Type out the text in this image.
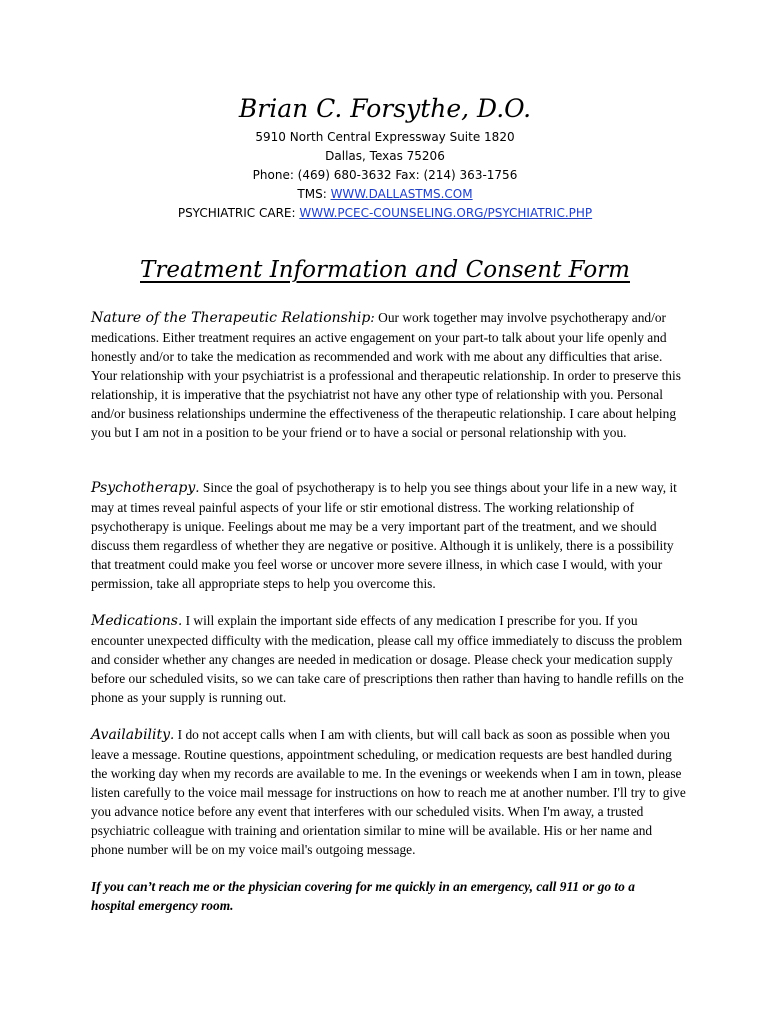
Brian C. Forsythe, D.O.
5910 North Central Expressway Suite 1820
Dallas, Texas 75206
Phone: (469) 680-3632 Fax: (214) 363-1756
TMS: WWW.DALLASTMS.COM
PSYCHIATRIC CARE: WWW.PCEC-COUNSELING.ORG/PSYCHIATRIC.PHP
Treatment Information and Consent Form
Nature of the Therapeutic Relationship: Our work together may involve psychotherapy and/or medications. Either treatment requires an active engagement on your part-to talk about your life openly and honestly and/or to take the medication as recommended and work with me about any difficulties that arise. Your relationship with your psychiatrist is a professional and therapeutic relationship. In order to preserve this relationship, it is imperative that the psychiatrist not have any other type of relationship with you. Personal and/or business relationships undermine the effectiveness of the therapeutic relationship. I care about helping you but I am not in a position to be your friend or to have a social or personal relationship with you.
Psychotherapy. Since the goal of psychotherapy is to help you see things about your life in a new way, it may at times reveal painful aspects of your life or stir emotional distress. The working relationship of psychotherapy is unique. Feelings about me may be a very important part of the treatment, and we should discuss them regardless of whether they are negative or positive. Although it is unlikely, there is a possibility that treatment could make you feel worse or uncover more severe illness, in which case I would, with your permission, take all appropriate steps to help you overcome this.
Medications. I will explain the important side effects of any medication I prescribe for you. If you encounter unexpected difficulty with the medication, please call my office immediately to discuss the problem and consider whether any changes are needed in medication or dosage. Please check your medication supply before our scheduled visits, so we can take care of prescriptions then rather than having to handle refills on the phone as your supply is running out.
Availability. I do not accept calls when I am with clients, but will call back as soon as possible when you leave a message. Routine questions, appointment scheduling, or medication requests are best handled during the working day when my records are available to me. In the evenings or weekends when I am in town, please listen carefully to the voice mail message for instructions on how to reach me at another number. I'll try to give you advance notice before any event that interferes with our scheduled visits. When I'm away, a trusted psychiatric colleague with training and orientation similar to mine will be available. His or her name and phone number will be on my voice mail's outgoing message.
If you can’t reach me or the physician covering for me quickly in an emergency, call 911 or go to a hospital emergency room.
